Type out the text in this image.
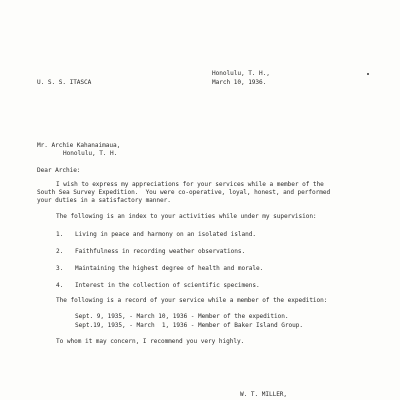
Honolulu, T. H.,

U. S. S. ITASCA

	March 10, 1936.

Mr. Archie Kahanaimaua,

Honolulu, T. H.

Dear Archie:

I wish to express my appreciations for your services while a member of the

South Sea Survey Expedition.  You were co-operative, loyal, honest, and performed

your duties in a satisfactory manner.

The following is an index to your activities while under my supervision:

1.

Living in peace and harmony on an isolated island.

2.

Faithfulness in recording weather observations.

3.

Maintaining the highest degree of health and morale.

4.

Interest in the collection of scientific specimens.

The following is a record of your service while a member of the expedition:

Sept. 9, 1935, - March 10, 1936 - Member of the expedition.

Sept.19, 1935, - March  1, 1936 - Member of Baker Island Group.

To whom it may concern, I recommend you very highly.

W. T. MILLER,
